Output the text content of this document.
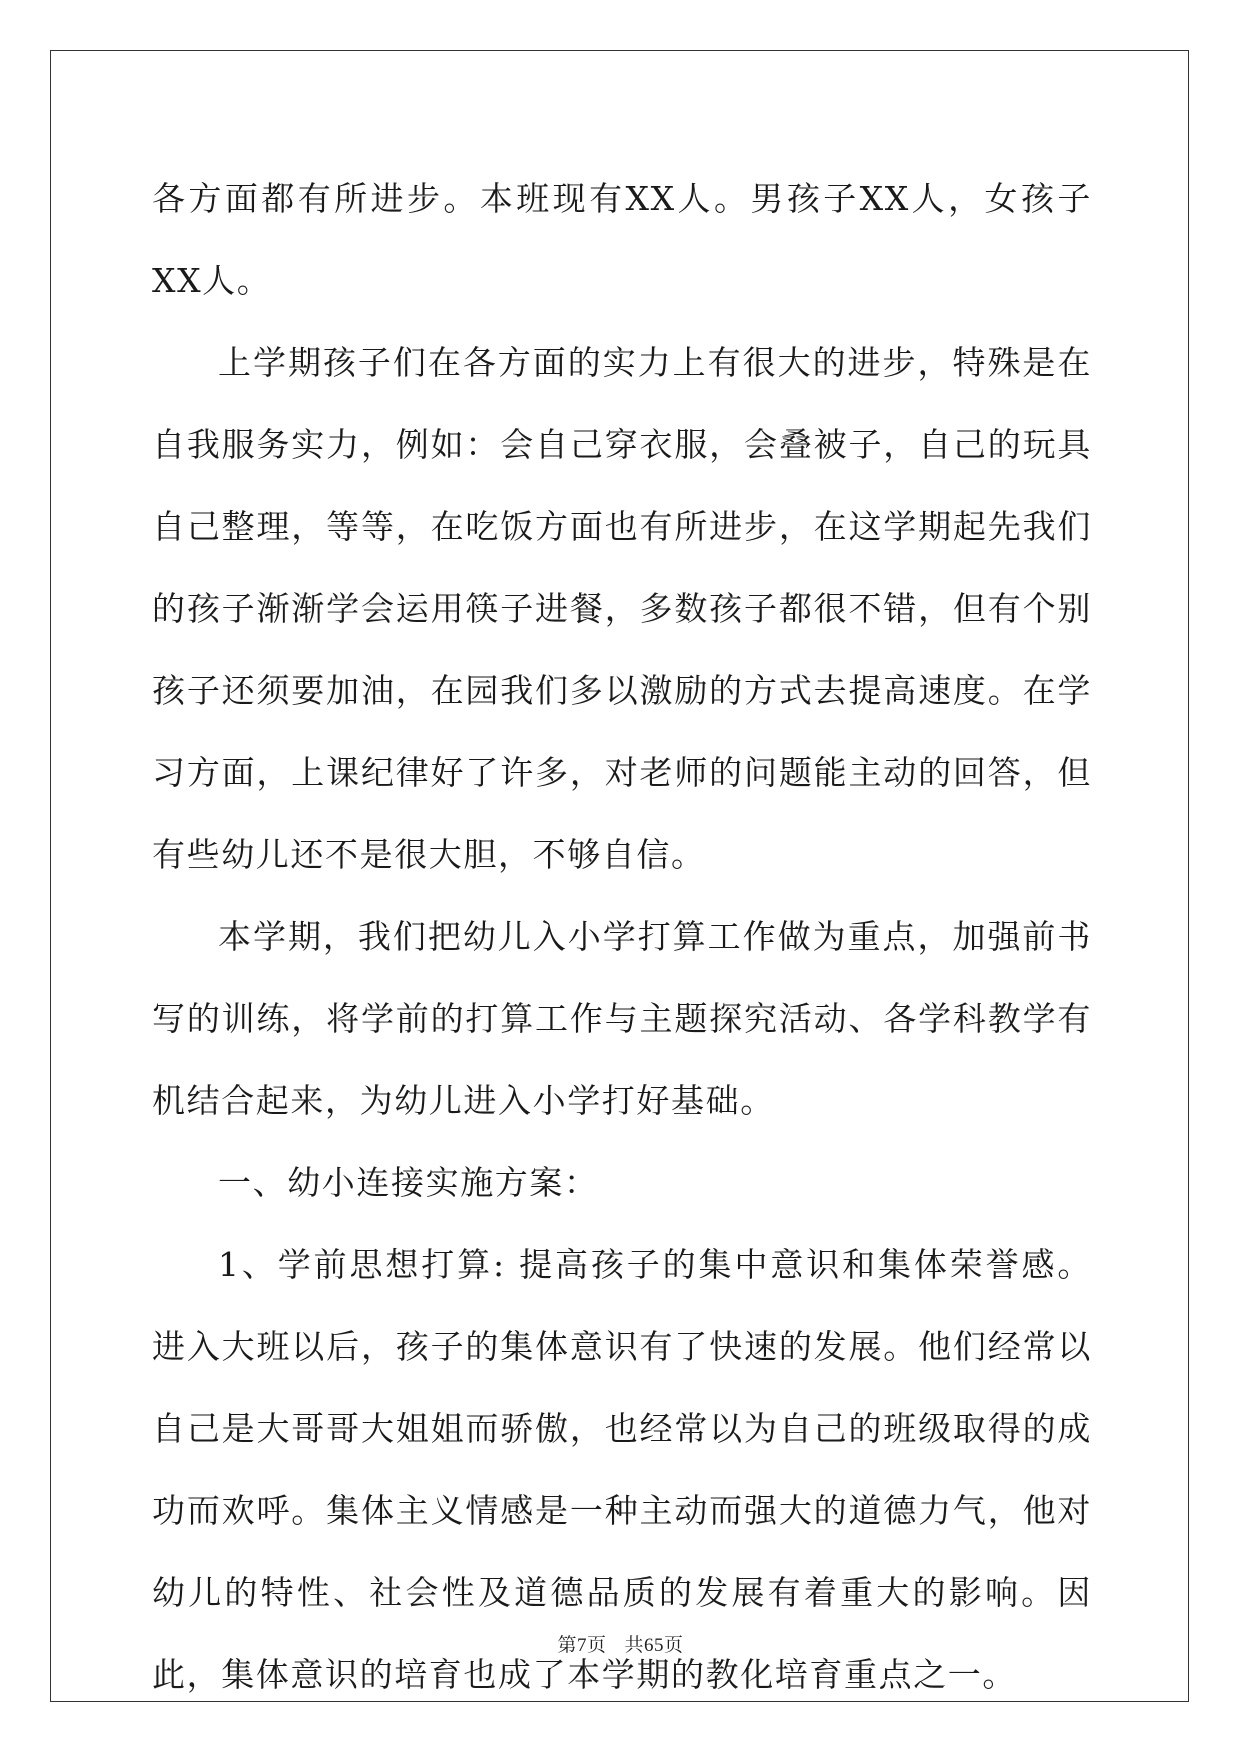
各方面都有所进步。本班现有XX人。男孩子XX人，女孩子XX人。

上学期孩子们在各方面的实力上有很大的进步，特殊是在自我服务实力，例如：会自己穿衣服，会叠被子，自己的玩具自己整理，等等，在吃饭方面也有所进步，在这学期起先我们的孩子渐渐学会运用筷子进餐，多数孩子都很不错，但有个别孩子还须要加油，在园我们多以激励的方式去提高速度。在学习方面，上课纪律好了许多，对老师的问题能主动的回答，但有些幼儿还不是很大胆，不够自信。

本学期，我们把幼儿入小学打算工作做为重点，加强前书写的训练，将学前的打算工作与主题探究活动、各学科教学有机结合起来，为幼儿进入小学打好基础。

一、幼小连接实施方案：

1、学前思想打算: 提高孩子的集中意识和集体荣誉感。进入大班以后，孩子的集体意识有了快速的发展。他们经常以自己是大哥哥大姐姐而骄傲，也经常以为自己的班级取得的成功而欢呼。集体主义情感是一种主动而强大的道德力气，他对幼儿的特性、社会性及道德品质的发展有着重大的影响。因此，集体意识的培育也成了本学期的教化培育重点之一。

第7页 共65页
